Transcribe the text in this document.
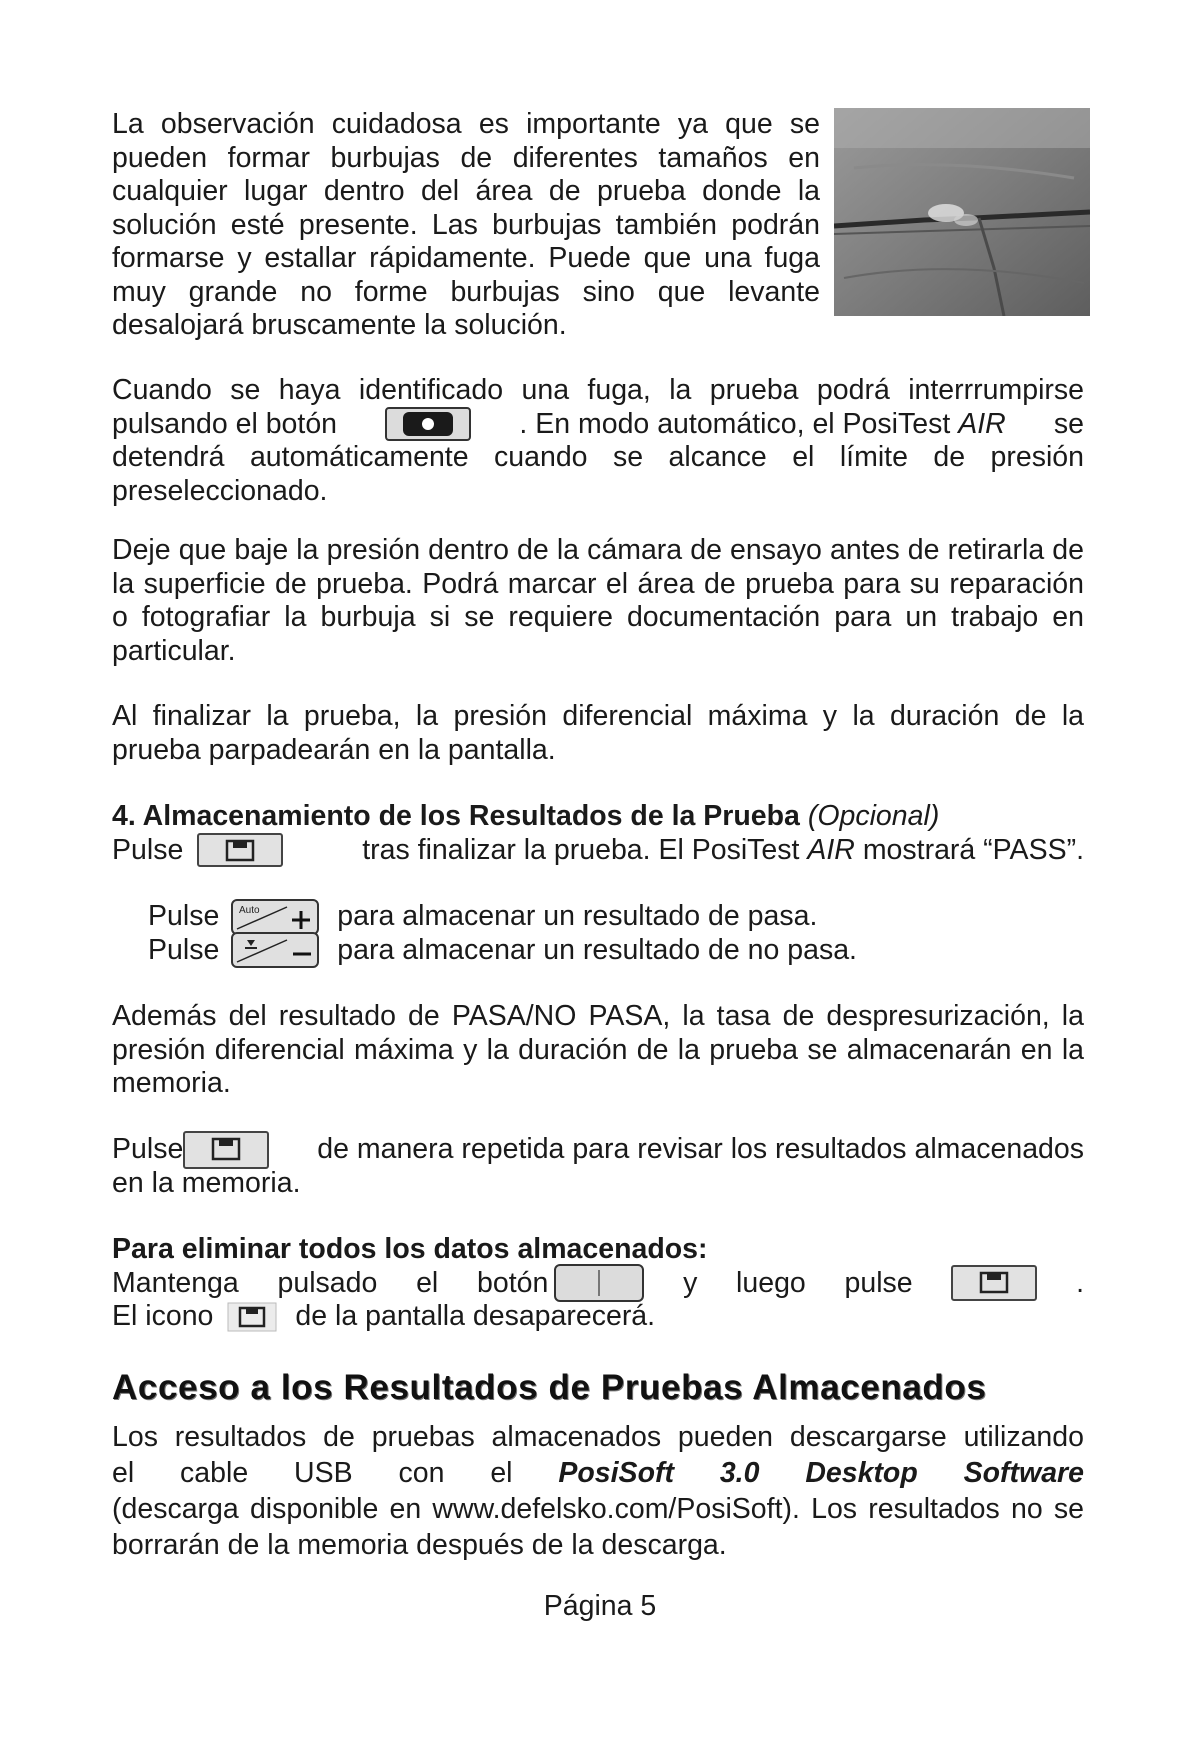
La observación cuidadosa es importante ya que se pueden formar burbujas de diferentes tamaños en cualquier lugar dentro del área de prueba donde la solución esté presente. Las burbujas también podrán formarse y estallar rápidamente. Puede que una fuga muy grande no forme burbujas sino que levante desalojará bruscamente la solución.
Cuando se haya identificado una fuga, la prueba podrá interrrumpirse
pulsando el botón	. En modo automático, el PosiTest
AIR se
detendrá automáticamente cuando se alcance el límite de presión preseleccionado.
Deje que baje la presión dentro de la cámara de ensayo antes de retirarla de la superficie de prueba. Podrá marcar el área de prueba para su reparación o fotografiar la burbuja si se requiere documentación para un trabajo en particular.
Al finalizar la prueba, la presión diferencial máxima y la duración de la prueba parpadearán en la pantalla.
4. Almacenamiento de los Resultados de la Prueba
(Opcional)
Pulse	tras finalizar la prueba. El PosiTest
AIR
mostrará “PASS”.
Pulse Auto	para almacenar un resultado de pasa.
Pulse	para almacenar un resultado de no pasa.
Además del resultado de PASA/NO PASA, la tasa de despresurización, la presión diferencial máxima y la duración de la prueba se almacenarán en la memoria.
Pulse	de manera repetida para revisar los resultados almacenados
en la memoria.
Para eliminar todos los datos almacenados:
Mantenga pulsado el botón	y luego pulse	.
El icono	de la pantalla desaparecerá.
Acceso a los Resultados de Pruebas Almacenados
Los resultados de pruebas almacenados pueden descargarse utilizando
el cable USB con el PosiSoft 3.0 Desktop Software
(descarga disponible en www.defelsko.com/PosiSoft). Los resultados no se borrarán de la memoria después de la descarga.
Página 5
